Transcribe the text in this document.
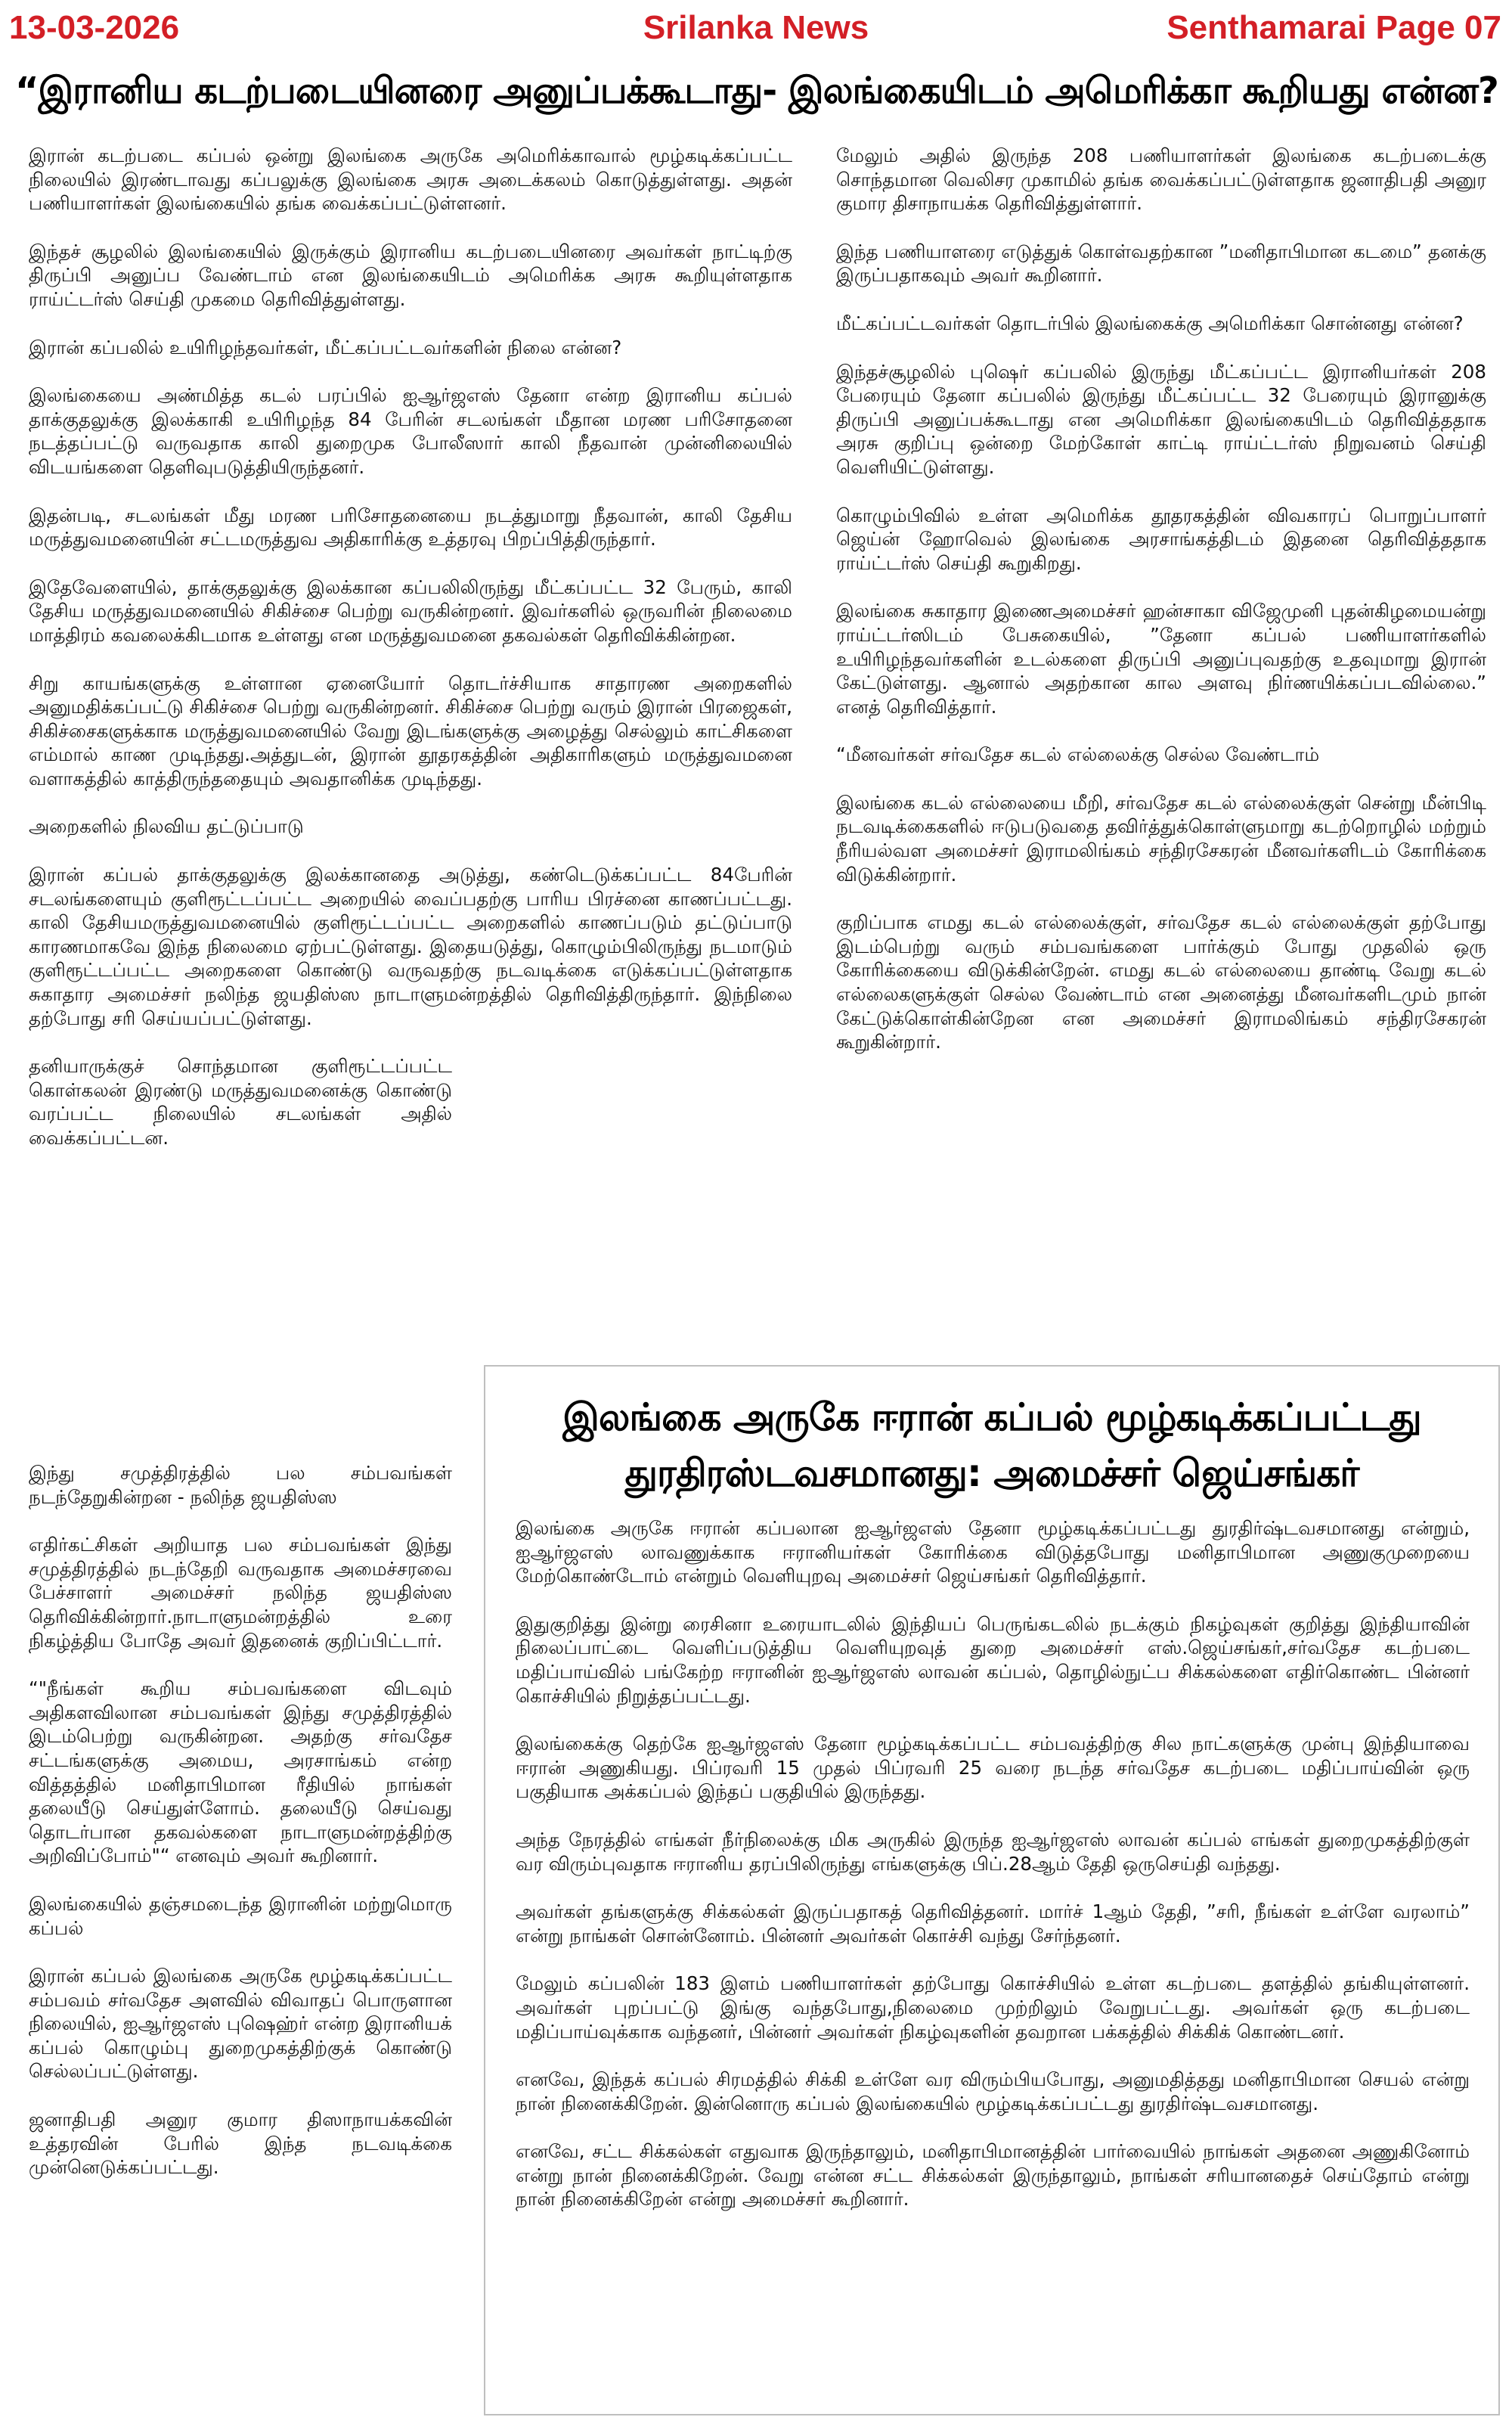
13-03-2026	Srilanka News	Senthamarai Page 07
“இரானிய கடற்படையினரை அனுப்பக்கூடாது- இலங்கையிடம் அமெரிக்கா கூறியது என்ன?

இரான் கடற்படை கப்பல் ஒன்று இலங்கை அருகே அமெரிக்காவால் மூழ்கடிக்கப்பட்ட நிலையில் இரண்டாவது கப்பலுக்கு இலங்கை அரசு அடைக்கலம் கொடுத்துள்ளது. அதன் பணியாளர்கள் இலங்கையில் தங்க வைக்கப்பட்டுள்ளனர்.

இந்தச் சூழலில் இலங்கையில் இருக்கும் இரானிய கடற்படையினரை அவர்கள் நாட்டிற்கு திருப்பி அனுப்ப வேண்டாம் என இலங்கையிடம் அமெரிக்க அரசு கூறியுள்ளதாக ராய்ட்டர்ஸ் செய்தி முகமை தெரிவித்துள்ளது.

இரான் கப்பலில் உயிரிழந்தவர்கள், மீட்கப்பட்டவர்களின் நிலை என்ன?

இலங்கையை அண்மித்த கடல் பரப்பில் ஐஆர்ஜஎஸ் தேனா என்ற இரானிய கப்பல் தாக்குதலுக்கு இலக்காகி உயிரிழந்த 84 பேரின் சடலங்கள் மீதான மரண பரிசோதனை நடத்தப்பட்டு வருவதாக காலி துறைமுக போலீஸார் காலி நீதவான் முன்னிலையில் விடயங்களை தெளிவுபடுத்தியிருந்தனர்.

இதன்படி, சடலங்கள் மீது மரண பரிசோதனையை நடத்துமாறு நீதவான், காலி தேசிய மருத்துவமனையின் சட்டமருத்துவ அதிகாரிக்கு உத்தரவு பிறப்பித்திருந்தார்.

இதேவேளையில், தாக்குதலுக்கு இலக்கான கப்பலிலிருந்து மீட்கப்பட்ட 32 பேரும், காலி தேசிய மருத்துவமனையில் சிகிச்சை பெற்று வருகின்றனர். இவர்களில் ஒருவரின் நிலைமை மாத்திரம் கவலைக்கிடமாக உள்ளது என மருத்துவமனை தகவல்கள் தெரிவிக்கின்றன.

சிறு காயங்களுக்கு உள்ளான ஏனையோர் தொடர்ச்சியாக சாதாரண அறைகளில் அனுமதிக்கப்பட்டு சிகிச்சை பெற்று வருகின்றனர். சிகிச்சை பெற்று வரும் இரான் பிரஜைகள், சிகிச்சைகளுக்காக மருத்துவமனையில் வேறு இடங்களுக்கு அழைத்து செல்லும் காட்சிகளை எம்மால் காண முடிந்தது.அத்துடன், இரான் தூதரகத்தின் அதிகாரிகளும் மருத்துவமனை வளாகத்தில் காத்திருந்ததையும் அவதானிக்க முடிந்தது.

அறைகளில் நிலவிய தட்டுப்பாடு

இரான் கப்பல் தாக்குதலுக்கு இலக்கானதை அடுத்து, கண்டெடுக்கப்பட்ட 84பேரின் சடலங்களையும் குளிரூட்டப்பட்ட அறையில் வைப்பதற்கு பாரிய பிரச்னை காணப்பட்டது. காலி தேசியமருத்துவமனையில் குளிரூட்டப்பட்ட அறைகளில் காணப்படும் தட்டுப்பாடு காரணமாகவே இந்த நிலைமை ஏற்பட்டுள்ளது. இதையடுத்து, கொழும்பிலிருந்து நடமாடும் குளிரூட்டப்பட்ட அறைகளை கொண்டு வருவதற்கு நடவடிக்கை எடுக்கப்பட்டுள்ளதாக சுகாதார அமைச்சர் நலிந்த ஜயதிஸ்ஸ நாடாளுமன்றத்தில் தெரிவித்திருந்தார். இந்நிலை தற்போது சரி செய்யப்பட்டுள்ளது.

தனியாருக்குச் சொந்தமான குளிரூட்டப்பட்ட கொள்கலன் இரண்டு மருத்துவமனைக்கு கொண்டு வரப்பட்ட நிலையில் சடலங்கள் அதில் வைக்கப்பட்டன.

இந்து சமுத்திரத்தில் பல சம்பவங்கள் நடந்தேறுகின்றன - நலிந்த ஜயதிஸ்ஸ

எதிர்கட்சிகள் அறியாத பல சம்பவங்கள் இந்து சமுத்திரத்தில் நடந்தேறி வருவதாக அமைச்சரவை பேச்சாளர் அமைச்சர் நலிந்த ஜயதிஸ்ஸ தெரிவிக்கின்றார்.நாடாளுமன்றத்தில் உரை நிகழ்த்திய போதே அவர் இதனைக் குறிப்பிட்டார்.

“"நீங்கள் கூறிய சம்பவங்களை விடவும் அதிகளவிலான சம்பவங்கள் இந்து சமுத்திரத்தில் இடம்பெற்று வருகின்றன. அதற்கு சர்வதேச சட்டங்களுக்கு அமைய, அரசாங்கம் என்ற வித்தத்தில் மனிதாபிமான ரீதியில் நாங்கள் தலையீடு செய்துள்ளோம். தலையீடு செய்வது தொடர்பான தகவல்களை நாடாளுமன்றத்திற்கு அறிவிப்போம்"“ எனவும் அவர் கூறினார்.

இலங்கையில் தஞ்சமடைந்த இரானின் மற்றுமொரு கப்பல்

இரான் கப்பல் இலங்கை அருகே மூழ்கடிக்கப்பட்ட சம்பவம் சர்வதேச அளவில் விவாதப் பொருளான நிலையில், ஐஆர்ஜஎஸ் புஷெஹ்ர் என்ற இரானியக் கப்பல் கொழும்பு துறைமுகத்திற்குக் கொண்டு செல்லப்பட்டுள்ளது.

ஜனாதிபதி அனுர குமார திஸாநாயக்கவின் உத்தரவின் பேரில் இந்த நடவடிக்கை முன்னெடுக்கப்பட்டது.

மேலும் அதில் இருந்த 208 பணியாளர்கள் இலங்கை கடற்படைக்கு சொந்தமான வெலிசர முகாமில் தங்க வைக்கப்பட்டுள்ளதாக ஜனாதிபதி அனுர குமார திசாநாயக்க தெரிவித்துள்ளார்.

இந்த பணியாளரை எடுத்துக் கொள்வதற்கான ”மனிதாபிமான கடமை” தனக்கு இருப்பதாகவும் அவர் கூறினார்.

மீட்கப்பட்டவர்கள் தொடர்பில் இலங்கைக்கு அமெரிக்கா சொன்னது என்ன?

இந்தச்சூழலில் புஷெர் கப்பலில் இருந்து மீட்கப்பட்ட இரானியர்கள் 208 பேரையும் தேனா கப்பலில் இருந்து மீட்கப்பட்ட 32 பேரையும் இரானுக்கு திருப்பி அனுப்பக்கூடாது என அமெரிக்கா இலங்கையிடம் தெரிவித்ததாக அரசு குறிப்பு ஒன்றை மேற்கோள் காட்டி ராய்ட்டர்ஸ் நிறுவனம் செய்தி வெளியிட்டுள்ளது.

கொழும்பிவில் உள்ள அமெரிக்க தூதரகத்தின் விவகாரப் பொறுப்பாளர் ஜெய்ன் ஹோவெல் இலங்கை அரசாங்கத்திடம் இதனை தெரிவித்ததாக ராய்ட்டர்ஸ் செய்தி கூறுகிறது.

இலங்கை சுகாதார இணைஅமைச்சர் ஹன்சாகா விஜேமுனி புதன்கிழமையன்று ராய்ட்டர்ஸிடம் பேசுகையில், ”தேனா கப்பல் பணியாளர்களில் உயிரிழந்தவர்களின் உடல்களை திருப்பி அனுப்புவதற்கு உதவுமாறு இரான் கேட்டுள்ளது. ஆனால் அதற்கான கால அளவு நிர்ணயிக்கப்படவில்லை.” எனத் தெரிவித்தார்.

“மீனவர்கள் சர்வதேச கடல் எல்லைக்கு செல்ல வேண்டாம்

இலங்கை கடல் எல்லையை மீறி, சர்வதேச கடல் எல்லைக்குள் சென்று மீன்பிடி நடவடிக்கைகளில் ஈடுபடுவதை தவிர்த்துக்கொள்ளுமாறு கடற்றொழில் மற்றும் நீரியல்வள அமைச்சர் இராமலிங்கம் சந்திரசேகரன் மீனவர்களிடம் கோரிக்கை விடுக்கின்றார்.

குறிப்பாக எமது கடல் எல்லைக்குள், சர்வதேச கடல் எல்லைக்குள் தற்போது இடம்பெற்று வரும் சம்பவங்களை பார்க்கும் போது முதலில் ஒரு கோரிக்கையை விடுக்கின்றேன். எமது கடல் எல்லையை தாண்டி வேறு கடல் எல்லைகளுக்குள் செல்ல வேண்டாம் என அனைத்து மீனவர்களிடமும் நான் கேட்டுக்கொள்கின்றேன என அமைச்சர் இராமலிங்கம் சந்திரசேகரன் கூறுகின்றார்.

இலங்கை அருகே ஈரான் கப்பல் மூழ்கடிக்கப்பட்டது துரதிரஸ்டவசமானது: அமைச்சர் ஜெய்சங்கர்

இலங்கை அருகே ஈரான் கப்பலான ஐஆர்ஜஎஸ் தேனா மூழ்கடிக்கப்பட்டது துரதிர்ஷ்டவசமானது என்றும், ஐஆர்ஜஎஸ் லாவணுக்காக ஈரானியர்கள் கோரிக்கை விடுத்தபோது மனிதாபிமான அணுகுமுறையை மேற்கொண்டோம் என்றும் வெளியுறவு அமைச்சர் ஜெய்சங்கர் தெரிவித்தார்.

இதுகுறித்து இன்று ரைசினா உரையாடலில் இந்தியப் பெருங்கடலில் நடக்கும் நிகழ்வுகள் குறித்து இந்தியாவின் நிலைப்பாட்டை வெளிப்படுத்திய வெளியுறவுத் துறை அமைச்சர் எஸ்.ஜெய்சங்கர்,சர்வதேச கடற்படை மதிப்பாய்வில் பங்கேற்ற ஈரானின் ஐஆர்ஜஎஸ் லாவன் கப்பல், தொழில்நுட்ப சிக்கல்களை எதிர்கொண்ட பின்னர் கொச்சியில் நிறுத்தப்பட்டது.

இலங்கைக்கு தெற்கே ஐஆர்ஜஎஸ் தேனா மூழ்கடிக்கப்பட்ட சம்பவத்திற்கு சில நாட்களுக்கு முன்பு இந்தியாவை ஈரான் அணுகியது. பிப்ரவரி 15 முதல் பிப்ரவரி 25 வரை நடந்த சர்வதேச கடற்படை மதிப்பாய்வின் ஒரு பகுதியாக அக்கப்பல் இந்தப் பகுதியில் இருந்தது.

அந்த நேரத்தில் எங்கள் நீர்நிலைக்கு மிக அருகில் இருந்த ஐஆர்ஜஎஸ் லாவன் கப்பல் எங்கள் துறைமுகத்திற்குள் வர விரும்புவதாக ஈரானிய தரப்பிலிருந்து எங்களுக்கு பிப்.28ஆம் தேதி ஒருசெய்தி வந்தது.

அவர்கள் தங்களுக்கு சிக்கல்கள் இருப்பதாகத் தெரிவித்தனர். மார்ச் 1ஆம் தேதி, ”சரி, நீங்கள் உள்ளே வரலாம்” என்று நாங்கள் சொன்னோம். பின்னர் அவர்கள் கொச்சி வந்து சேர்ந்தனர்.

மேலும் கப்பலின் 183 இளம் பணியாளர்கள் தற்போது கொச்சியில் உள்ள கடற்படை தளத்தில் தங்கியுள்ளனர். அவர்கள் புறப்பட்டு இங்கு வந்தபோது,நிலைமை முற்றிலும் வேறுபட்டது. அவர்கள் ஒரு கடற்படை மதிப்பாய்வுக்காக வந்தனர், பின்னர் அவர்கள் நிகழ்வுகளின் தவறான பக்கத்தில் சிக்கிக் கொண்டனர்.

எனவே, இந்தக் கப்பல் சிரமத்தில் சிக்கி உள்ளே வர விரும்பியபோது, அனுமதித்தது மனிதாபிமான செயல் என்று நான் நினைக்கிறேன். இன்னொரு கப்பல் இலங்கையில் மூழ்கடிக்கப்பட்டது துரதிர்ஷ்டவசமானது.

எனவே, சட்ட சிக்கல்கள் எதுவாக இருந்தாலும், மனிதாபிமானத்தின் பார்வையில் நாங்கள் அதனை அணுகினோம் என்று நான் நினைக்கிறேன். வேறு என்ன சட்ட சிக்கல்கள் இருந்தாலும், நாங்கள் சரியானதைச் செய்தோம் என்று நான் நினைக்கிறேன் என்று அமைச்சர் கூறினார்.
